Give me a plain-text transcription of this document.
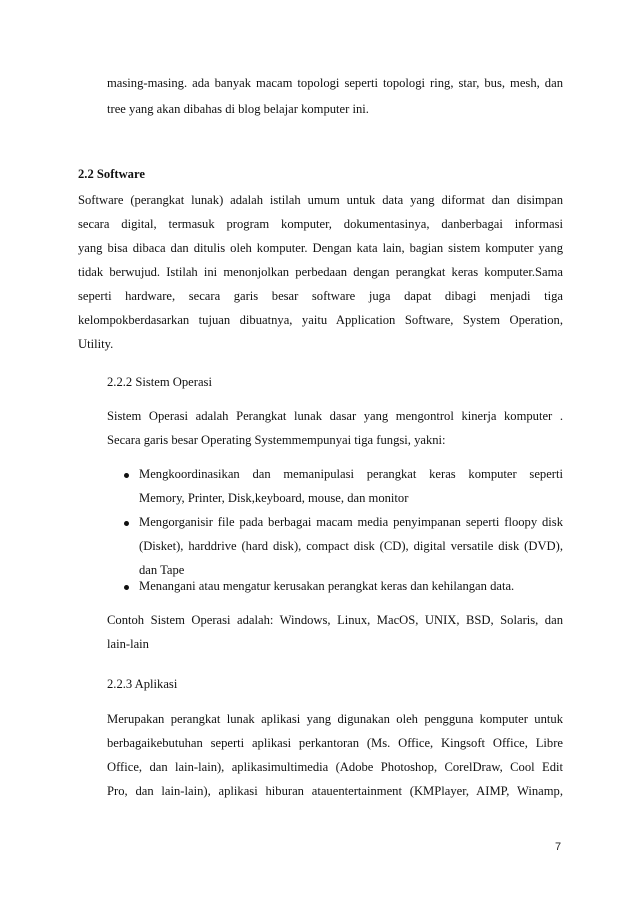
masing-masing. ada banyak macam topologi seperti topologi ring, star, bus, mesh, dan
tree yang akan dibahas di blog belajar komputer ini.
2.2 Software
Software (perangkat lunak) adalah istilah umum untuk data yang diformat dan disimpan
secara digital, termasuk program komputer, dokumentasinya, danberbagai informasi
yang bisa dibaca dan ditulis oleh komputer. Dengan kata lain, bagian sistem komputer yang
tidak berwujud. Istilah ini menonjolkan perbedaan dengan perangkat keras komputer.Sama
seperti hardware, secara garis besar software juga dapat dibagi menjadi tiga
kelompokberdasarkan tujuan dibuatnya, yaitu Application Software, System Operation,
Utility.
2.2.2 Sistem Operasi
Sistem Operasi adalah Perangkat lunak dasar yang mengontrol kinerja komputer .
Secara garis besar Operating Systemmempunyai tiga fungsi, yakni:
Mengkoordinasikan dan memanipulasi perangkat keras komputer seperti
Memory, Printer, Disk,keyboard, mouse, dan monitor
Mengorganisir file pada berbagai macam media penyimpanan seperti floopy disk
(Disket), harddrive (hard disk), compact disk (CD), digital versatile disk (DVD),
dan Tape
Menangani atau mengatur kerusakan perangkat keras dan kehilangan data.
Contoh Sistem Operasi adalah: Windows, Linux, MacOS, UNIX, BSD, Solaris, dan
lain-lain
2.2.3 Aplikasi
Merupakan perangkat lunak aplikasi yang digunakan oleh pengguna komputer untuk
berbagaikebutuhan seperti aplikasi perkantoran (Ms. Office, Kingsoft Office, Libre
Office, dan lain-lain), aplikasimultimedia (Adobe Photoshop, CorelDraw, Cool Edit
Pro, dan lain-lain), aplikasi hiburan atauentertainment (KMPlayer, AIMP, Winamp,
7
